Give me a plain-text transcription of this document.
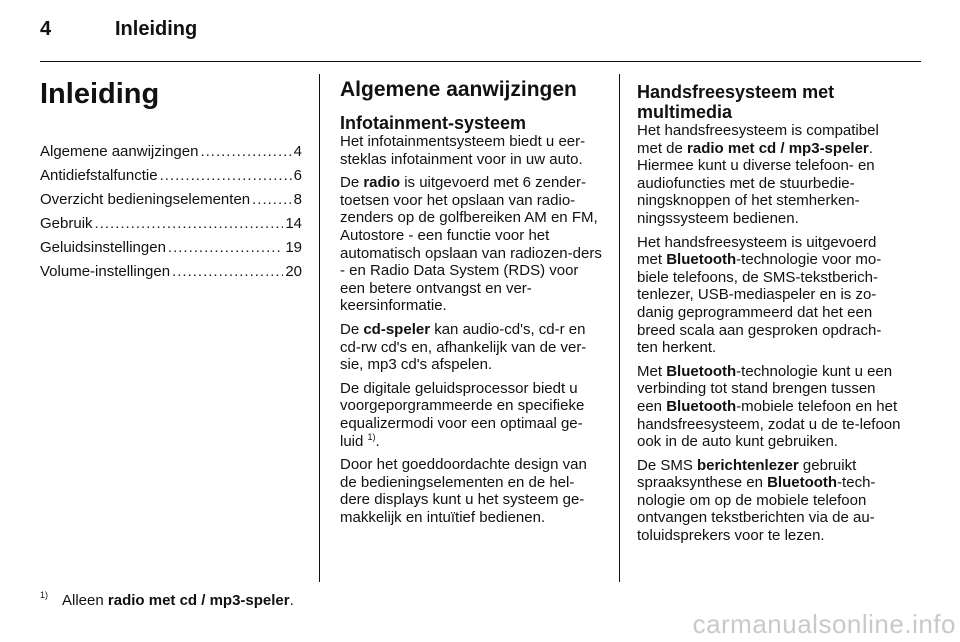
4	Inleiding
Inleiding
Algemene aanwijzingen .....	4
Antidiefstalfunctie .....	6
Overzicht bedieningselementen .....	8
Gebruik .....	14
Geluidsinstellingen .....	19
Volume-instellingen .....	20
Algemene aanwijzingen
Infotainment-systeem

Het infotainmentsysteem biedt u eer-steklas infotainment voor in uw auto.

De radio is uitgevoerd met 6 zender-toetsen voor het opslaan van radio-zenders op de golfbereiken AM en FM, Autostore - een functie voor het automatisch opslaan van radiozen-ders - en Radio Data System (RDS) voor een betere ontvangst en ver-keersinformatie.

De cd-speler kan audio-cd's, cd-r en cd-rw cd's en, afhankelijk van de ver-sie, mp3 cd's afspelen.

De digitale geluidsprocessor biedt u voorgeporgrammeerde en specifieke equalizermodi voor een optimaal ge-luid $^{1)}$.

Door het goeddoordachte design van de bedieningselementen en de hel-dere displays kunt u het systeem ge-makkelijk en intuïtief bedienen.

Handsfreesysteem met
multimedia

Het handsfreesysteem is compatibel met de radio met cd / mp3-speler. Hiermee kunt u diverse telefoon- en audiofuncties met de stuurbedie-ningsknoppen of het stemherken-ningssysteem bedienen.

Het handsfreesysteem is uitgevoerd met Bluetooth-technologie voor mo-biele telefoons, de SMS-tekstberich-tenlezer, USB-mediaspeler en is zo-danig geprogrammeerd dat het een breed scala aan gesproken opdrach-ten herkent.

Met Bluetooth-technologie kunt u een verbinding tot stand brengen tussen een Bluetooth-mobiele telefoon en het handsfreesysteem, zodat u de te-lefoon ook in de auto kunt gebruiken.

De SMS berichtenlezer gebruikt spraaksynthese en Bluetooth-tech-nologie om op de mobiele telefoon ontvangen tekstberichten via de au-toluidsprekers voor te lezen.

$^{1)}$ Alleen radio met cd / mp3-speler.
carmanualsonline.info
